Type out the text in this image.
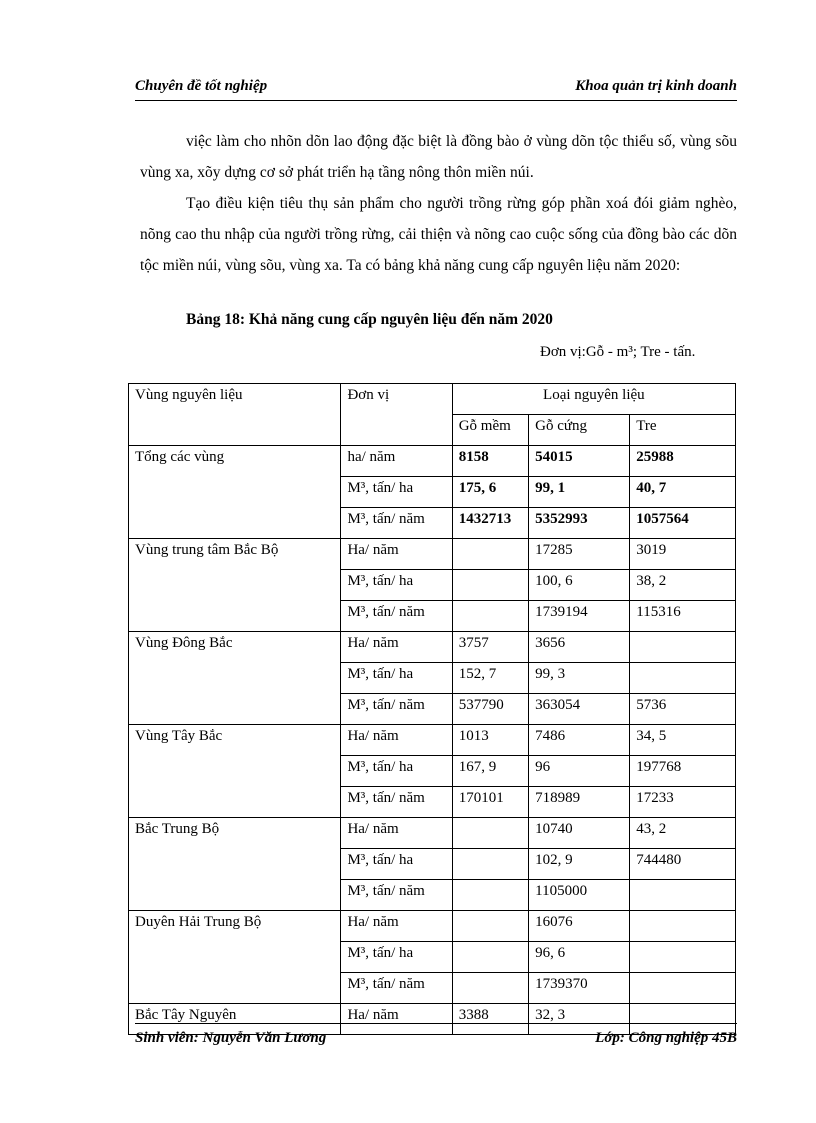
Chuyên đề tốt nghiệp	Khoa quản trị kinh doanh

việc làm cho nhõn dõn lao động đặc biệt là đồng bào ở vùng dõn tộc thiểu số, vùng sõu vùng xa, xõy dựng cơ sở phát triển hạ tầng nông thôn miền núi.

Tạo điều kiện tiêu thụ sản phẩm cho người trồng rừng góp phần xoá đói giảm nghèo, nõng cao thu nhập của người trồng rừng, cải thiện và nõng cao cuộc sống của đồng bào các dõn tộc miền núi, vùng sõu, vùng xa. Ta có bảng khả năng cung cấp nguyên liệu năm 2020:

Bảng 18: Khả năng cung cấp nguyên liệu đến năm 2020
Đơn vị:Gỗ - m³; Tre - tấn.
Vùng nguyên liệu	Đơn vị	Loại nguyên liệu		
		Gỗ mềm	Gỗ cứng	Tre
Tổng các vùng	ha/ năm	8158	54015	25988
	M³, tấn/ ha	175, 6	99, 1	40, 7
	M³, tấn/ năm	1432713	5352993	1057564
Vùng trung tâm Bắc Bộ	Ha/ năm		17285	3019
	M³, tấn/ ha		100, 6	38, 2
	M³, tấn/ năm		1739194	115316
Vùng Đông Bắc	Ha/ năm	3757	3656	
	M³, tấn/ ha	152, 7	99, 3	
	M³, tấn/ năm	537790	363054	5736
Vùng Tây Bắc	Ha/ năm	1013	7486	34, 5
	M³, tấn/ ha	167, 9	96	197768
	M³, tấn/ năm	170101	718989	17233
Bắc Trung Bộ	Ha/ năm		10740	43, 2
	M³, tấn/ ha		102, 9	744480
	M³, tấn/ năm		1105000	
Duyên Hải Trung Bộ	Ha/ năm		16076	
	M³, tấn/ ha		96, 6	
	M³, tấn/ năm		1739370	
Bắc Tây Nguyên	Ha/ năm	3388	32, 3	
Sinh viên: Nguyễn Văn Lương	Lớp: Công nghiệp 45B
